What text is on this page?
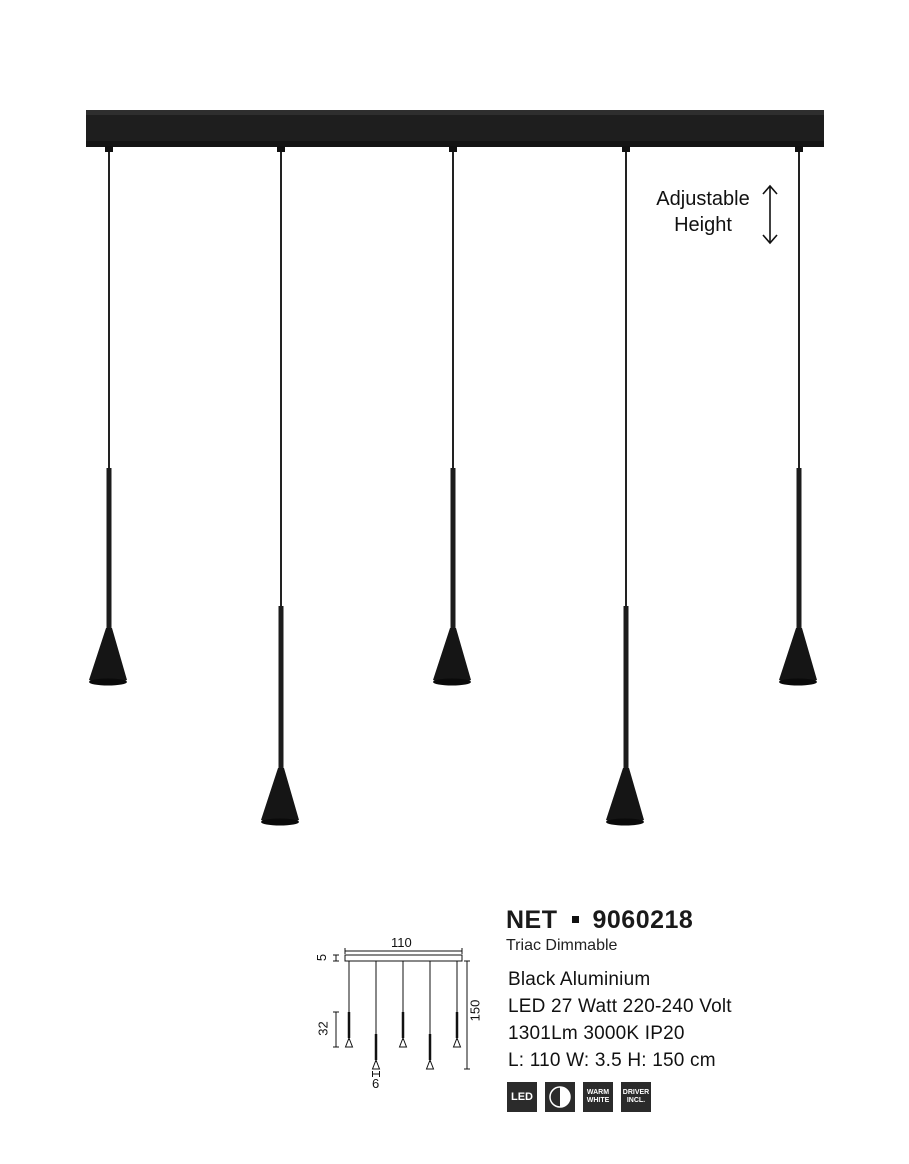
Adjustable
Height
110
5
32
150
6
NET 9060218
Triac Dimmable
Black Aluminium
LED 27 Watt 220-240 Volt
1301Lm 3000K IP20
L: 110 W: 3.5 H: 150 cm
LED	WARM
WHITE
DRIVER
INCL.
